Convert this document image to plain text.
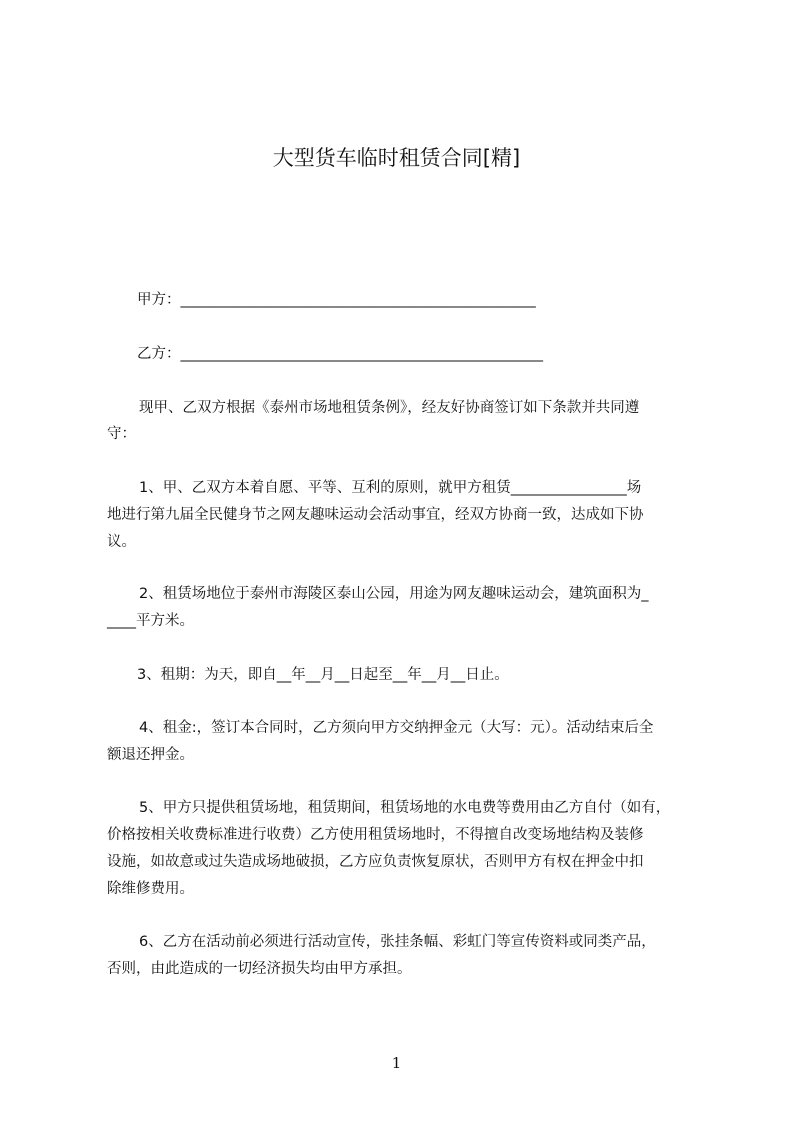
大型货车临时租赁合同[精]
甲方：_________________________________________________
乙方：__________________________________________________
现甲、乙双方根据《泰州市场地租赁条例》，经友好协商签订如下条款并共同遵
守：
1、甲、乙双方本着自愿、平等、互利的原则，就甲方租赁________________场
地进行第九届全民健身节之网友趣味运动会活动事宜，经双方协商一致，达成如下协
议。
2、租赁场地位于泰州市海陵区泰山公园，用途为网友趣味运动会，建筑面积为_
____平方米。
3、租期：为天，即自__年__月__日起至__年__月__日止。
4、租金:，签订本合同时，乙方须向甲方交纳押金元（大写：元）。活动结束后全
额退还押金。
5、甲方只提供租赁场地，租赁期间，租赁场地的水电费等费用由乙方自付（如有，
价格按相关收费标准进行收费）乙方使用租赁场地时，不得擅自改变场地结构及装修
设施，如故意或过失造成场地破损，乙方应负责恢复原状，否则甲方有权在押金中扣
除维修费用。
6、乙方在活动前必须进行活动宣传，张挂条幅、彩虹门等宣传资料或同类产品，
否则，由此造成的一切经济损失均由甲方承担。
1
